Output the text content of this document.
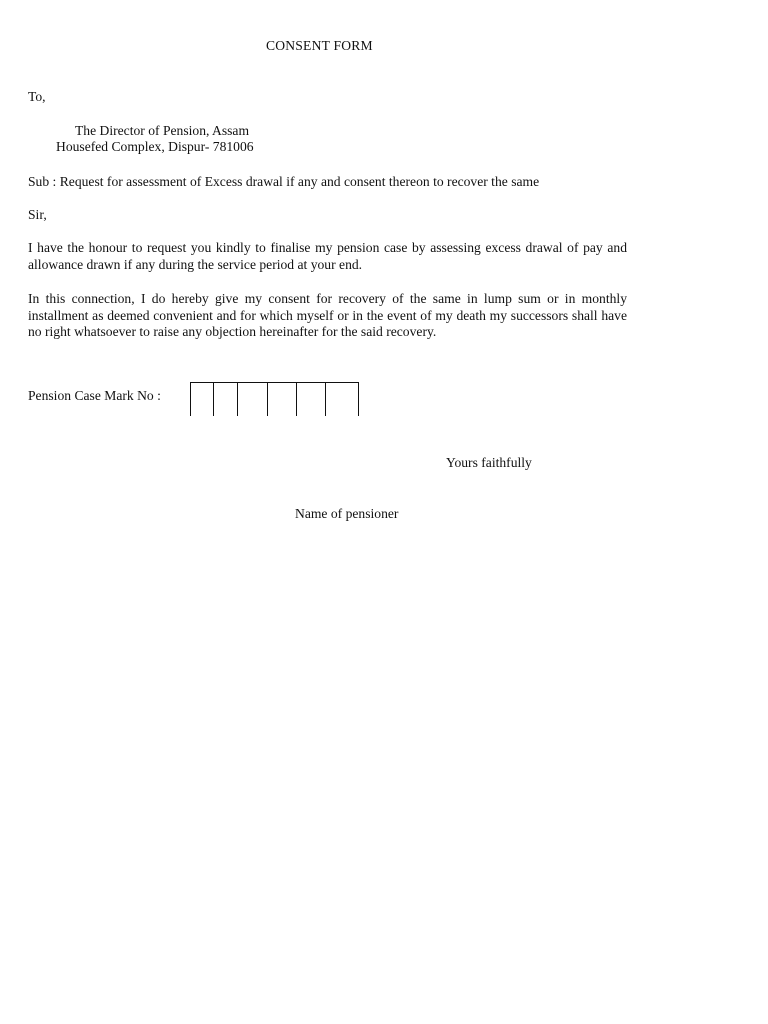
CONSENT FORM
To,
The Director of Pension, Assam
Housefed Complex, Dispur- 781006
Sub : Request for assessment of Excess drawal if any and consent thereon to recover the same
Sir,

I have the honour to request you kindly to finalise my pension case by assessing excess drawal of pay and allowance drawn if any during the service period at your end.

In this connection, I do hereby give my consent for recovery of the same in lump sum or in monthly installment as deemed convenient and for which myself or in the event of my death my successors shall have no right whatsoever to raise any objection hereinafter for the said recovery.

Pension Case Mark No :
Yours faithfully
Name of pensioner
